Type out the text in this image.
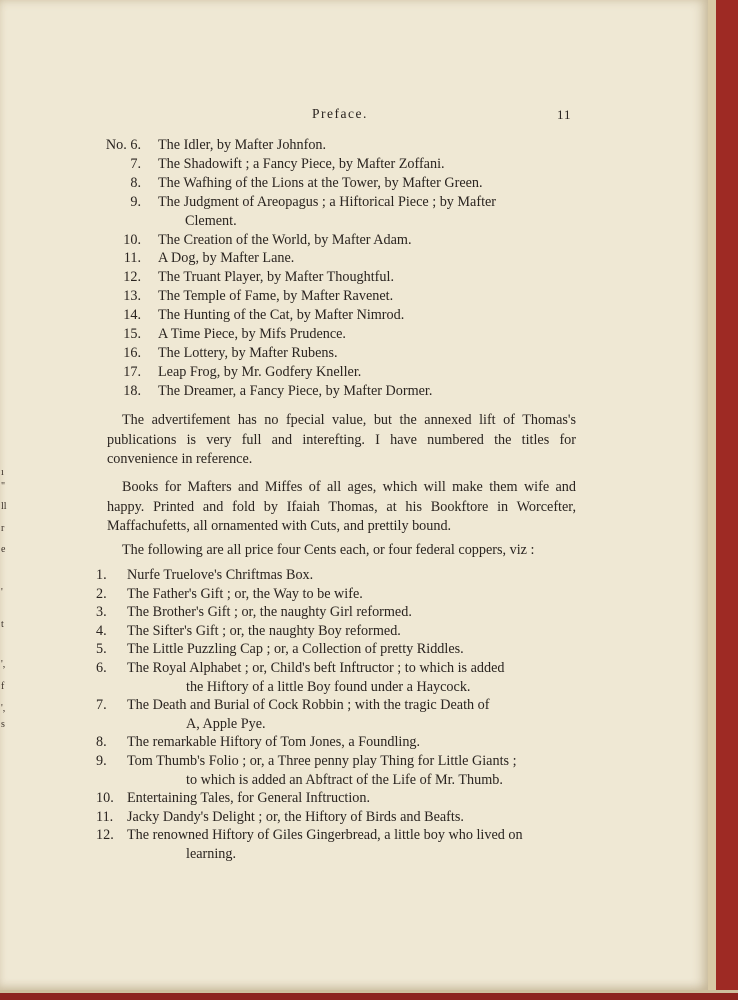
ı
"
ll
r
e
'
t
',
f
',
s
Preface.	11
No. 6. The Idler, by Mafter Johnfon.
7. The Shadowift ; a Fancy Piece, by Mafter Zoffani.
8. The Wafhing of the Lions at the Tower, by Mafter Green.
9. The Judgment of Areopagus ; a Hiftorical Piece ; by Mafter
Clement.
10. The Creation of the World, by Mafter Adam.
11. A Dog, by Mafter Lane.
12. The Truant Player, by Mafter Thoughtful.
13. The Temple of Fame, by Mafter Ravenet.
14. The Hunting of the Cat, by Mafter Nimrod.
15. A Time Piece, by Mifs Prudence.
16. The Lottery, by Mafter Rubens.
17. Leap Frog, by Mr. Godfery Kneller.
18. The Dreamer, a Fancy Piece, by Mafter Dormer.

The advertifement has no fpecial value, but the annexed lift of Thomas's publications is very full and interefting. I have numbered the titles for convenience in reference.

Books for Mafters and Miffes of all ages, which will make them wife and happy. Printed and fold by Ifaiah Thomas, at his Bookftore in Worcefter, Maffachufetts, all ornamented with Cuts, and prettily bound.

The following are all price four Cents each, or four federal coppers, viz :

1. Nurfe Truelove's Chriftmas Box.
2. The Father's Gift ; or, the Way to be wife.
3. The Brother's Gift ; or, the naughty Girl reformed.
4. The Sifter's Gift ; or, the naughty Boy reformed.
5. The Little Puzzling Cap ; or, a Collection of pretty Riddles.
6. The Royal Alphabet ; or, Child's beft Inftructor ; to which is added
the Hiftory of a little Boy found under a Haycock.
7. The Death and Burial of Cock Robbin ; with the tragic Death of
A, Apple Pye.
8. The remarkable Hiftory of Tom Jones, a Foundling.
9. Tom Thumb's Folio ; or, a Three penny play Thing for Little Giants ;
to which is added an Abftract of the Life of Mr. Thumb.
10. Entertaining Tales, for General Inftruction.
11. Jacky Dandy's Delight ; or, the Hiftory of Birds and Beafts.
12. The renowned Hiftory of Giles Gingerbread, a little boy who lived on
learning.
